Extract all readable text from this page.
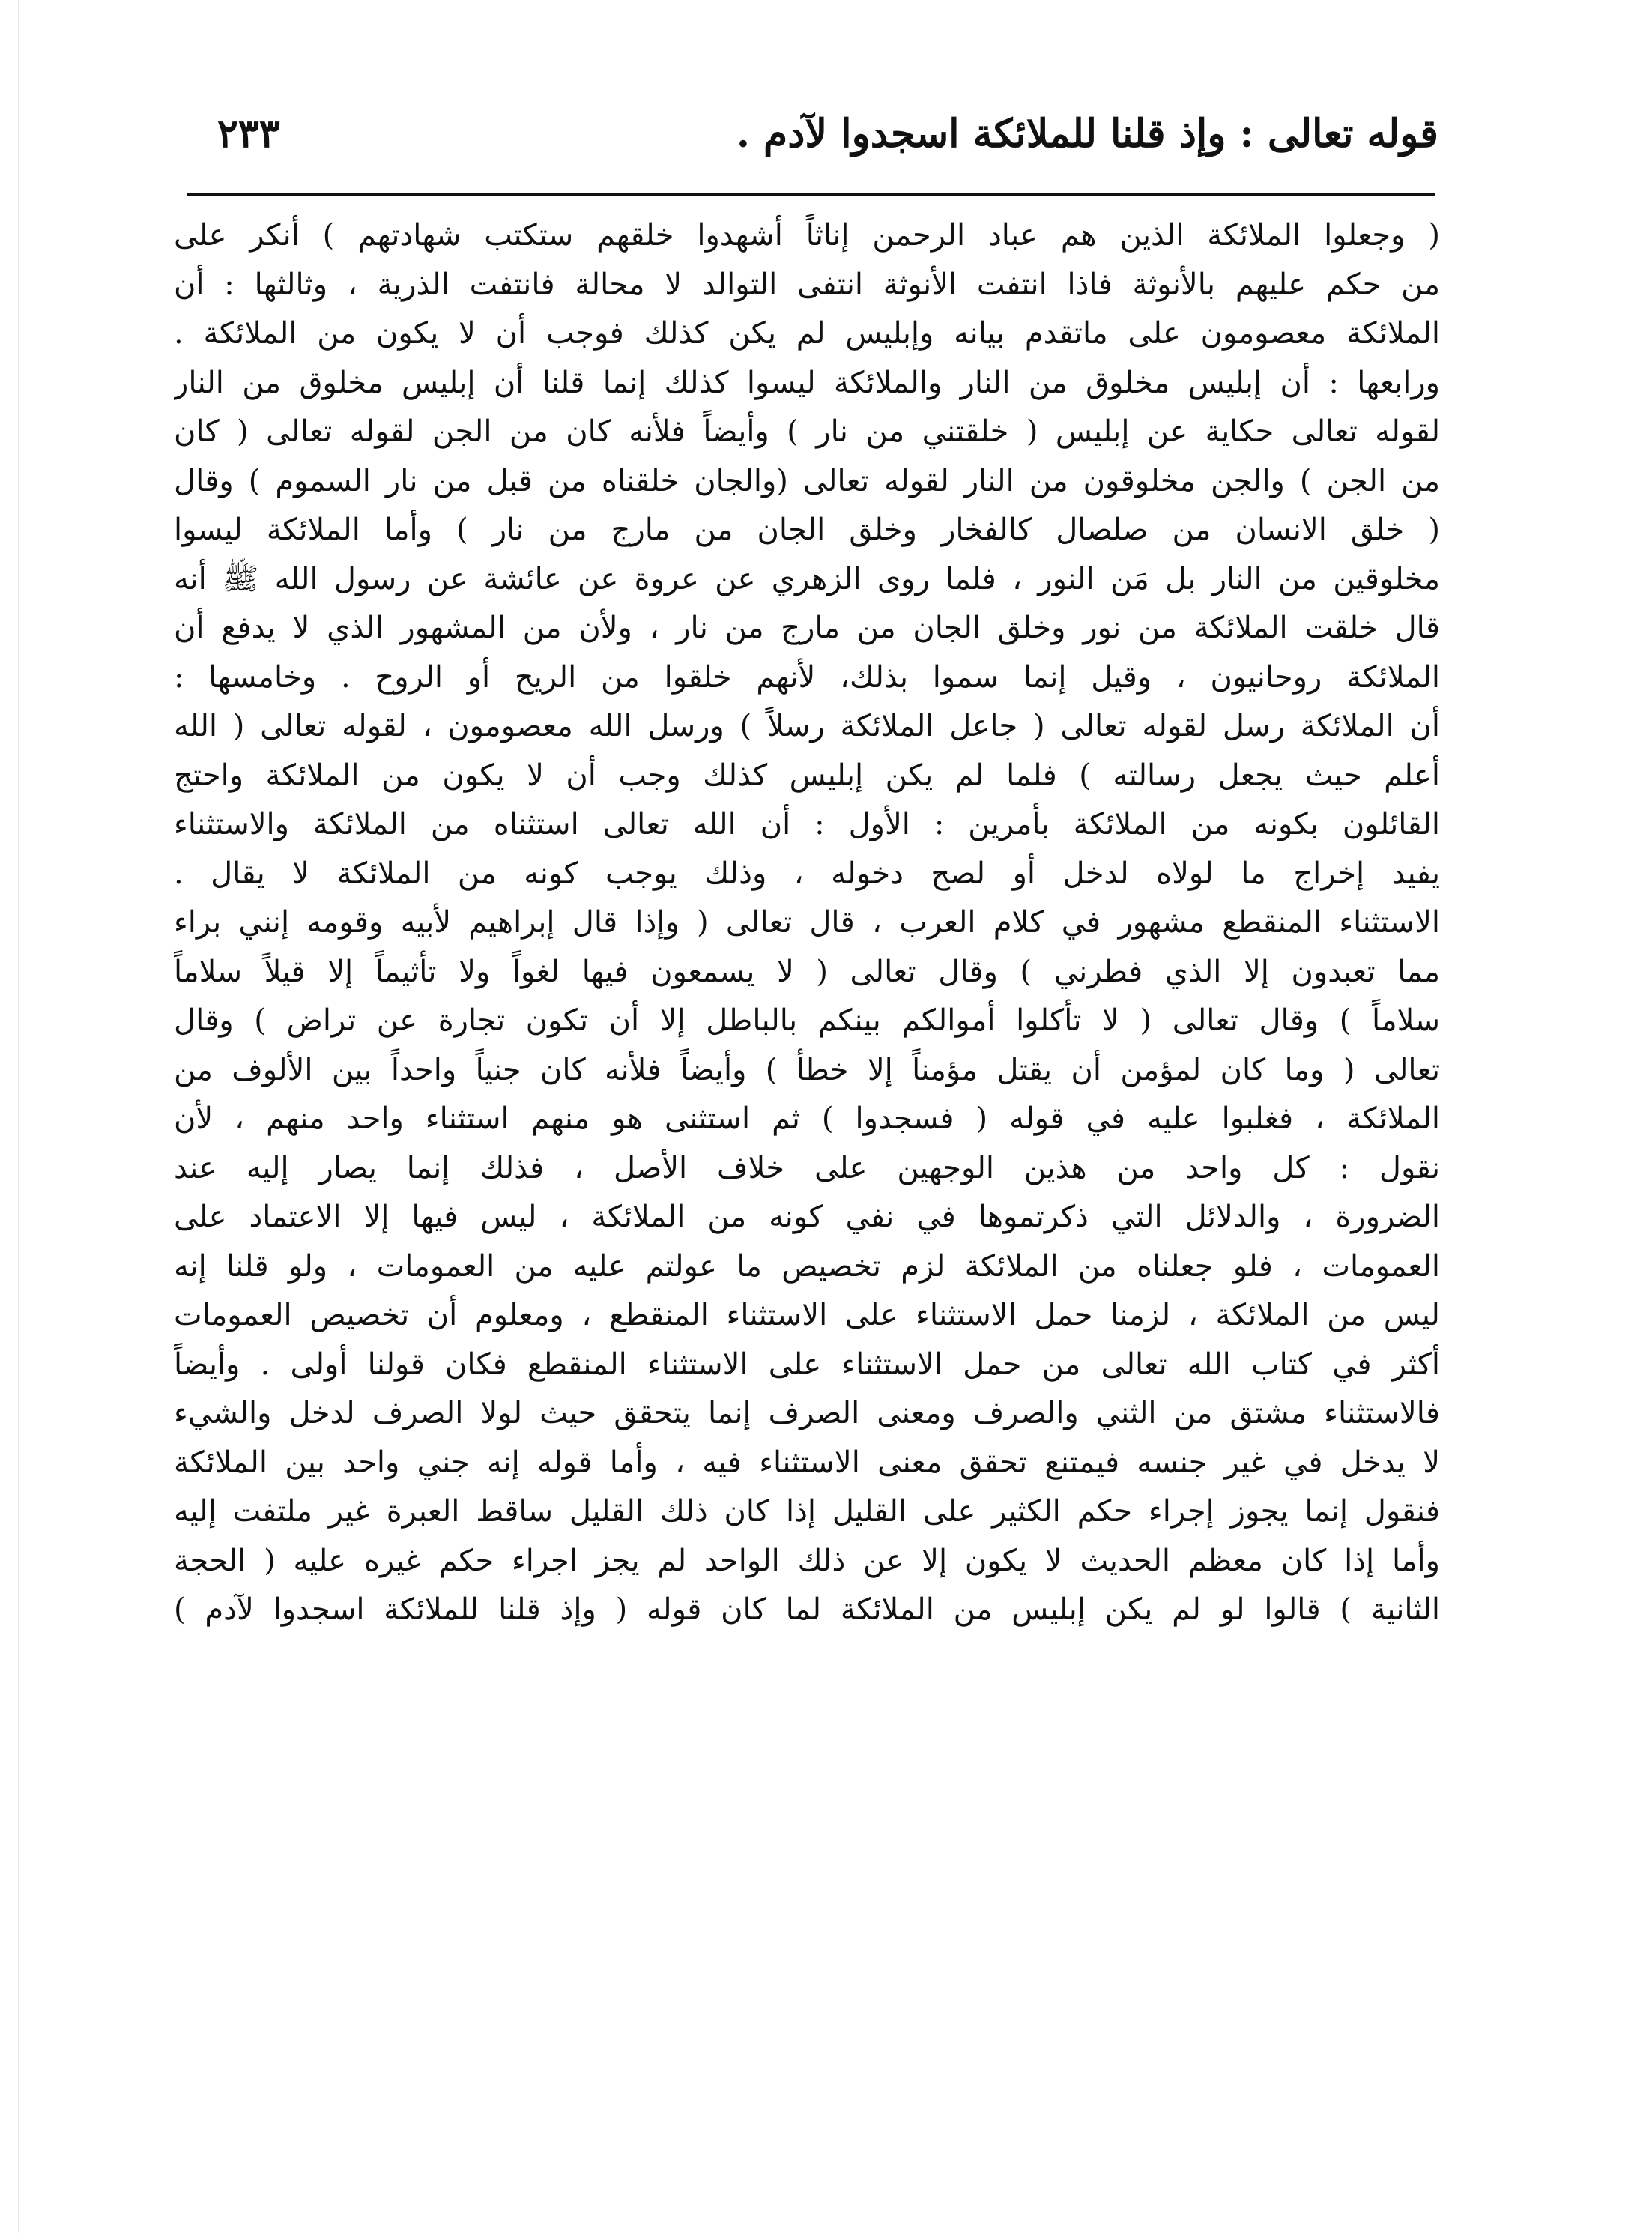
قوله تعالى : وإذ قلنا للملائكة اسجدوا لآدم .
٢٣٣
( وجعلوا الملائكة الذين هم عباد الرحمن إناثاً أشهدوا خلقهم ستكتب شهادتهم ) أنكر على
من حكم عليهم بالأنوثة فاذا انتفت الأنوثة انتفى التوالد لا محالة فانتفت الذرية ، وثالثها : أن
الملائكة معصومون على ماتقدم بيانه وإبليس لم يكن كذلك فوجب أن لا يكون من الملائكة .
ورابعها : أن إبليس مخلوق من النار والملائكة ليسوا كذلك إنما قلنا أن إبليس مخلوق من النار
لقوله تعالى حكاية عن إبليس ( خلقتني من نار ) وأيضاً فلأنه كان من الجن لقوله تعالى ( كان
من الجن ) والجن مخلوقون من النار لقوله تعالى (والجان خلقناه من قبل من نار السموم ) وقال
( خلق الانسان من صلصال كالفخار وخلق الجان من مارج من نار ) وأما الملائكة ليسوا
مخلوقين من النار بل مَن النور ، فلما روى الزهري عن عروة عن عائشة عن رسول الله ﷺ أنه
قال خلقت الملائكة من نور وخلق الجان من مارج من نار ، ولأن من المشهور الذي لا يدفع أن
الملائكة روحانيون ، وقيل إنما سموا بذلك، لأنهم خلقوا من الريح أو الروح . وخامسها :
أن الملائكة رسل لقوله تعالى ( جاعل الملائكة رسلاً ) ورسل الله معصومون ، لقوله تعالى ( الله
أعلم حيث يجعل رسالته ) فلما لم يكن إبليس كذلك وجب أن لا يكون من الملائكة واحتج
القائلون بكونه من الملائكة بأمرين : الأول : أن الله تعالى استثناه من الملائكة والاستثناء
يفيد إخراج ما لولاه لدخل أو لصح دخوله ، وذلك يوجب كونه من الملائكة لا يقال .
الاستثناء المنقطع مشهور في كلام العرب ، قال تعالى ( وإذا قال إبراهيم لأبيه وقومه إنني براء
مما تعبدون إلا الذي فطرني ) وقال تعالى ( لا يسمعون فيها لغواً ولا تأثيماً إلا قيلاً سلاماً
سلاماً ) وقال تعالى ( لا تأكلوا أموالكم بينكم بالباطل إلا أن تكون تجارة عن تراض ) وقال
تعالى ( وما كان لمؤمن أن يقتل مؤمناً إلا خطأ ) وأيضاً فلأنه كان جنياً واحداً بين الألوف من
الملائكة ، فغلبوا عليه في قوله ( فسجدوا ) ثم استثنى هو منهم استثناء واحد منهم ، لأن
نقول : كل واحد من هذين الوجهين على خلاف الأصل ، فذلك إنما يصار إليه عند
الضرورة ، والدلائل التي ذكرتموها في نفي كونه من الملائكة ، ليس فيها إلا الاعتماد على
العمومات ، فلو جعلناه من الملائكة لزم تخصيص ما عولتم عليه من العمومات ، ولو قلنا إنه
ليس من الملائكة ، لزمنا حمل الاستثناء على الاستثناء المنقطع ، ومعلوم أن تخصيص العمومات
أكثر في كتاب الله تعالى من حمل الاستثناء على الاستثناء المنقطع فكان قولنا أولى . وأيضاً
فالاستثناء مشتق من الثني والصرف ومعنى الصرف إنما يتحقق حيث لولا الصرف لدخل والشيء
لا يدخل في غير جنسه فيمتنع تحقق معنى الاستثناء فيه ، وأما قوله إنه جني واحد بين الملائكة
فنقول إنما يجوز إجراء حكم الكثير على القليل إذا كان ذلك القليل ساقط العبرة غير ملتفت إليه
وأما إذا كان معظم الحديث لا يكون إلا عن ذلك الواحد لم يجز اجراء حكم غيره عليه ( الحجة
الثانية ) قالوا لو لم يكن إبليس من الملائكة لما كان قوله ( وإذ قلنا للملائكة اسجدوا لآدم )
